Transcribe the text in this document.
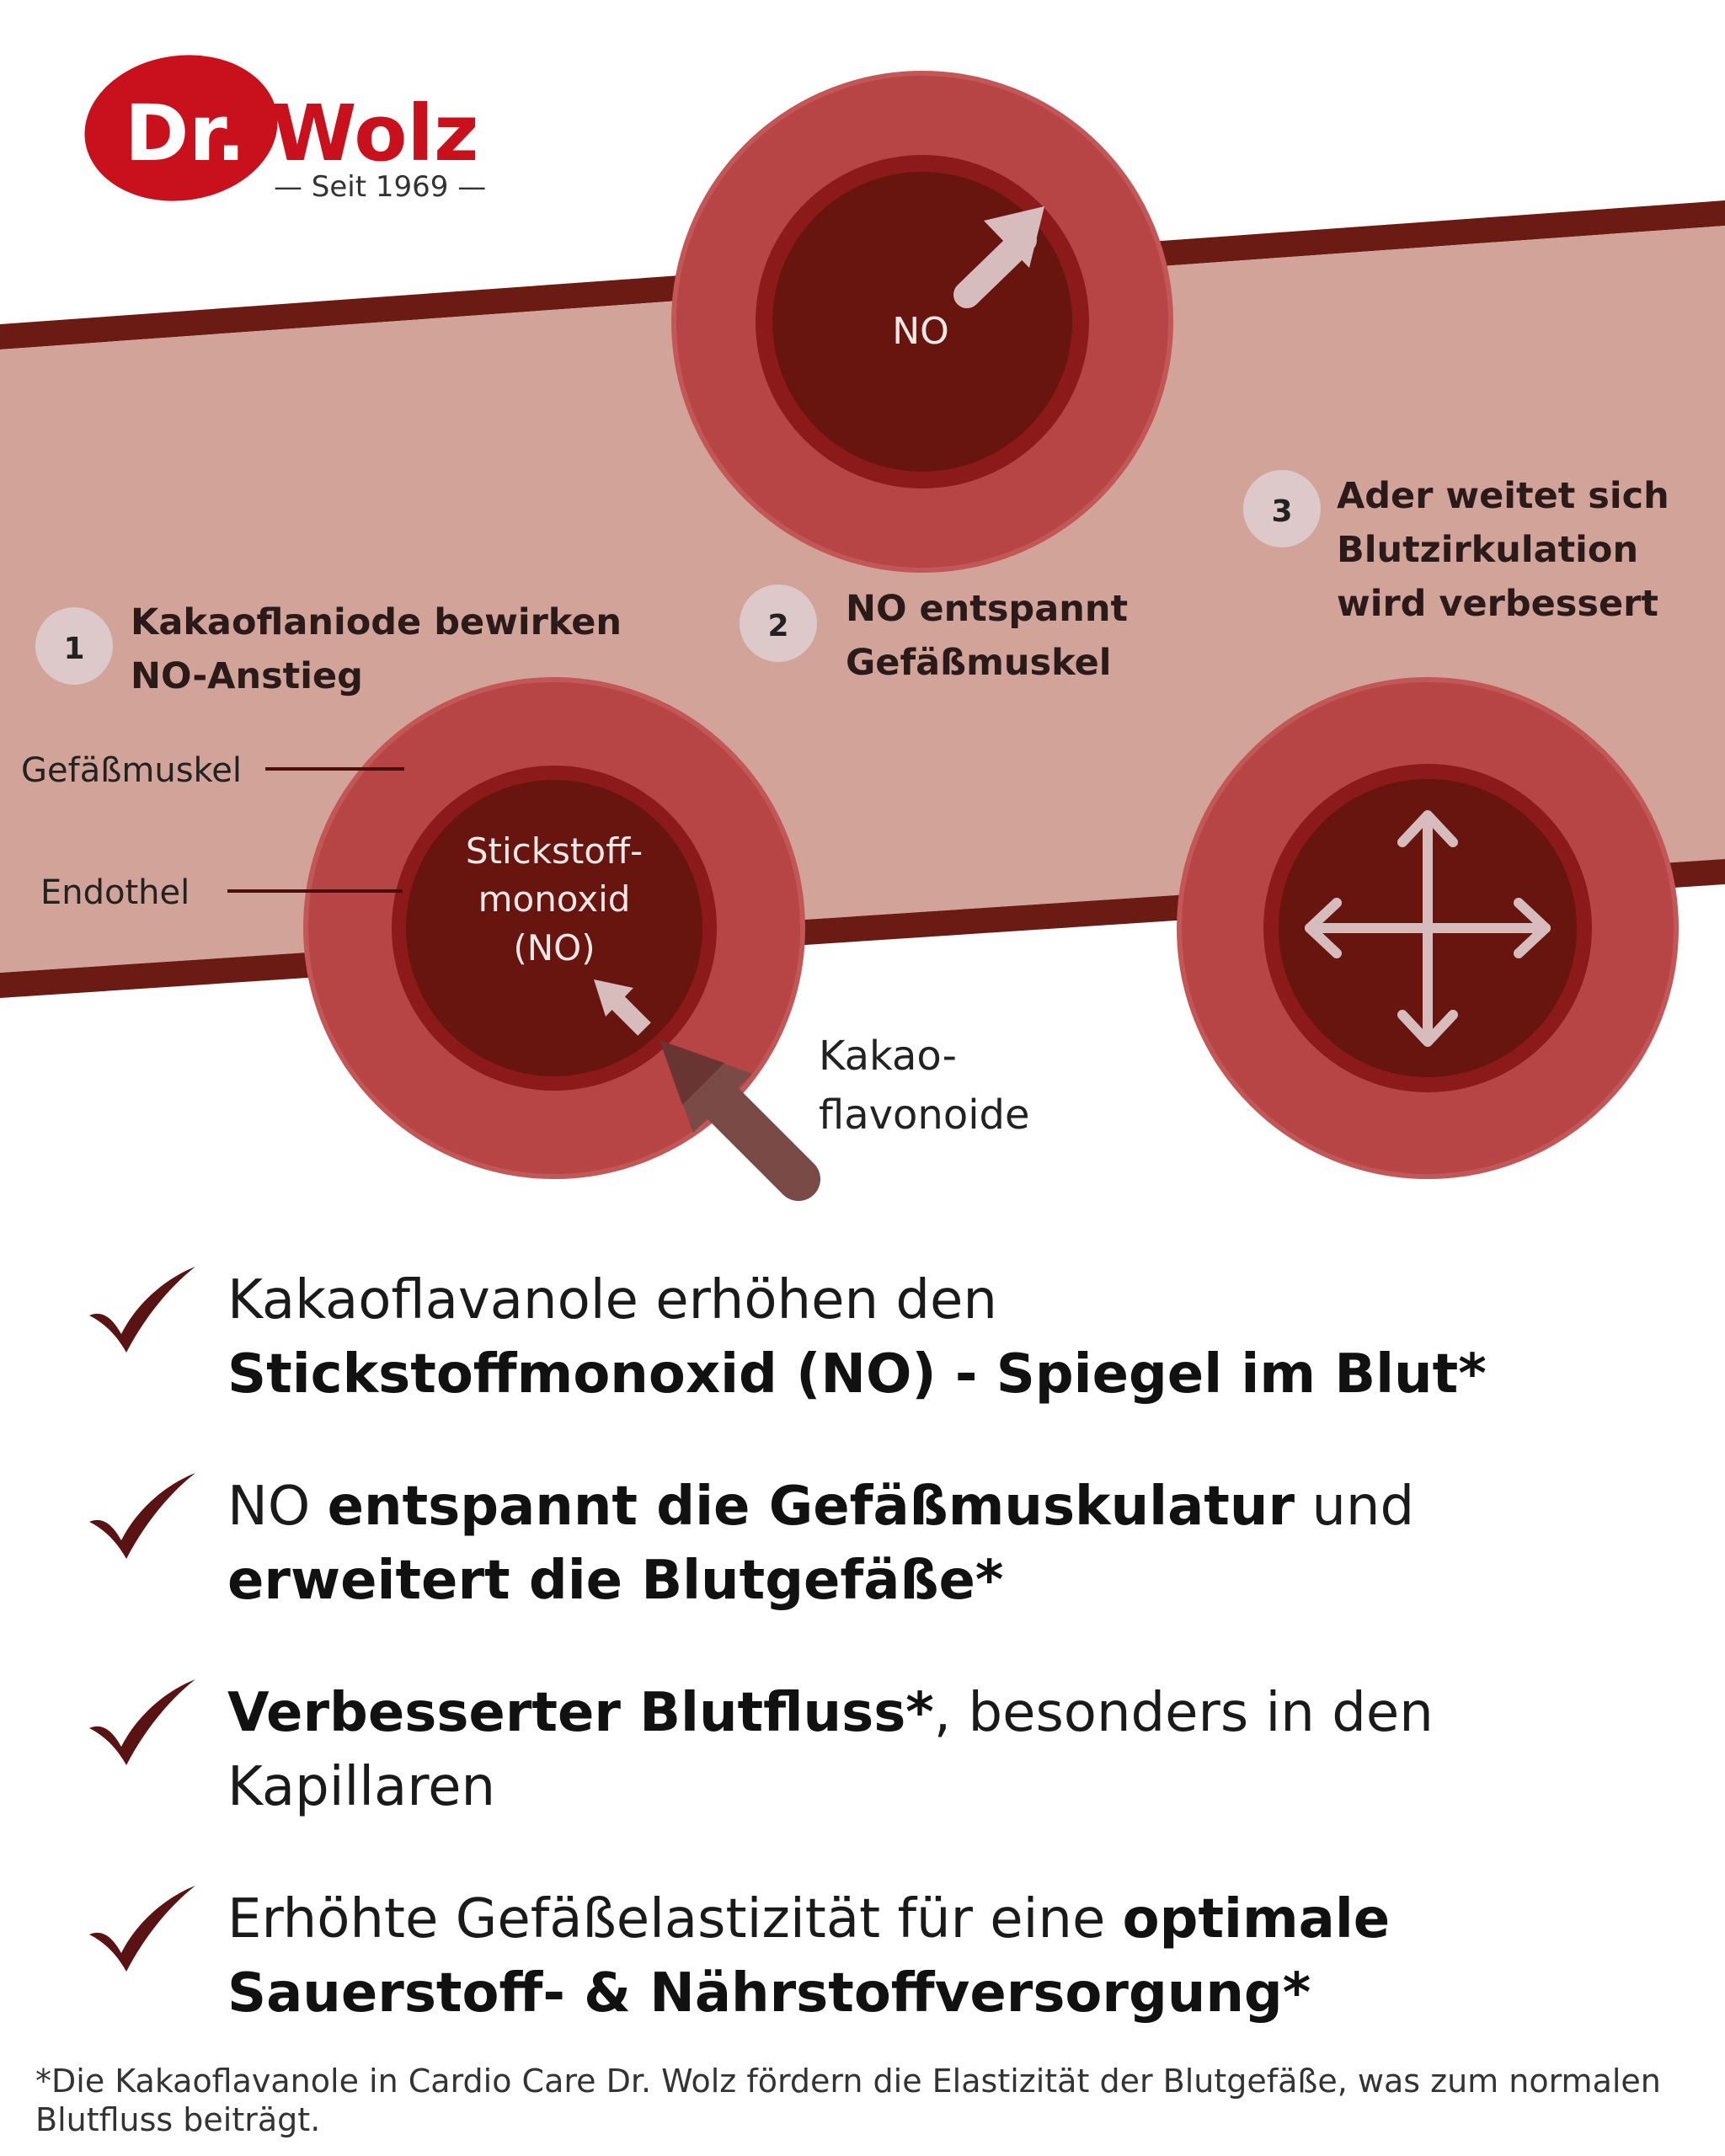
Dr. Wolz
— Seit 1969 —
NO
Stickstoff-
monoxid
(NO)
Gefäßmuskel
Endothel
Kakao-
flavonoide
1
Kakaoflaniode bewirken
NO-Anstieg
2 NO entspannt
Gefäßmuskel
3 Ader weitet sich
Blutzirkulation
wird verbessert
Kakaoflavanole erhöhen den
Stickstoffmonoxid (NO) - Spiegel im Blut*
NO entspannt die Gefäßmuskulatur und
erweitert die Blutgefäße*
Verbesserter Blutfluss*, besonders in den
Kapillaren
Erhöhte Gefäßelastizität für eine optimale
Sauerstoff- & Nährstoffversorgung*
*Die Kakaoflavanole in Cardio Care Dr. Wolz fördern die Elastizität der Blutgefäße, was zum normalen
Blutfluss beiträgt.
